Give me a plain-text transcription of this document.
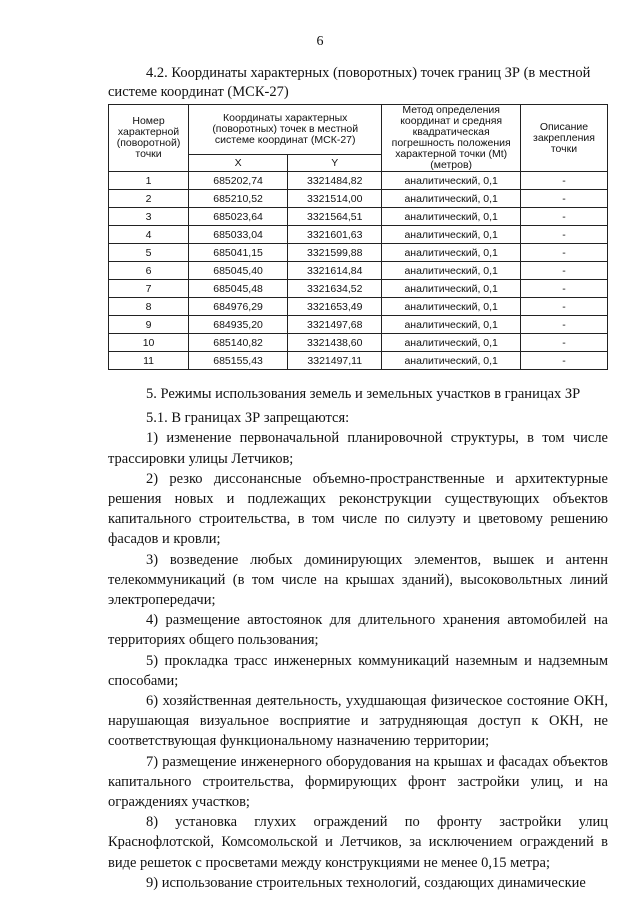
6
4.2. Координаты характерных (поворотных) точек границ ЗР (в местной
системе координат (МСК-27)
Номер характерной (поворотной) точки	Координаты характерных (поворотных) точек в местной системе координат (МСК-27)		Метод определения координат и средняя квадратическая погрешность положения характерной точки (Mt) (метров)	Описание закрепления точки
	X	Y		
1	685202,74	3321484,82	аналитический, 0,1	-
2	685210,52	3321514,00	аналитический, 0,1	-
3	685023,64	3321564,51	аналитический, 0,1	-
4	685033,04	3321601,63	аналитический, 0,1	-
5	685041,15	3321599,88	аналитический, 0,1	-
6	685045,40	3321614,84	аналитический, 0,1	-
7	685045,48	3321634,52	аналитический, 0,1	-
8	684976,29	3321653,49	аналитический, 0,1	-
9	684935,20	3321497,68	аналитический, 0,1	-
10	685140,82	3321438,60	аналитический, 0,1	-
11	685155,43	3321497,11	аналитический, 0,1	-

5. Режимы использования земель и земельных участков в границах ЗР

5.1. В границах ЗР запрещаются:

1) изменение первоначальной планировочной структуры, в том числе трассировки улицы Летчиков;

2) резко диссонансные объемно-пространственные и архитектурные решения новых и подлежащих реконструкции существующих объектов капитального строительства, в том числе по силуэту и цветовому решению фасадов и кровли;

3) возведение любых доминирующих элементов, вышек и антенн телекоммуникаций (в том числе на крышах зданий), высоковольтных линий электропередачи;

4) размещение автостоянок для длительного хранения автомобилей на территориях общего пользования;

5) прокладка трасс инженерных коммуникаций наземным и надземным способами;

6) хозяйственная деятельность, ухудшающая физическое состояние ОКН, нарушающая визуальное восприятие и затрудняющая доступ к ОКН, не соответствующая функциональному назначению территории;

7) размещение инженерного оборудования на крышах и фасадах объектов капитального строительства, формирующих фронт застройки улиц, и на ограждениях участков;

8) установка глухих ограждений по фронту застройки улиц Краснофлотской, Комсомольской и Летчиков, за исключением ограждений в виде решеток с просветами между конструкциями не менее 0,15 метра;

9) использование строительных технологий, создающих динамические
